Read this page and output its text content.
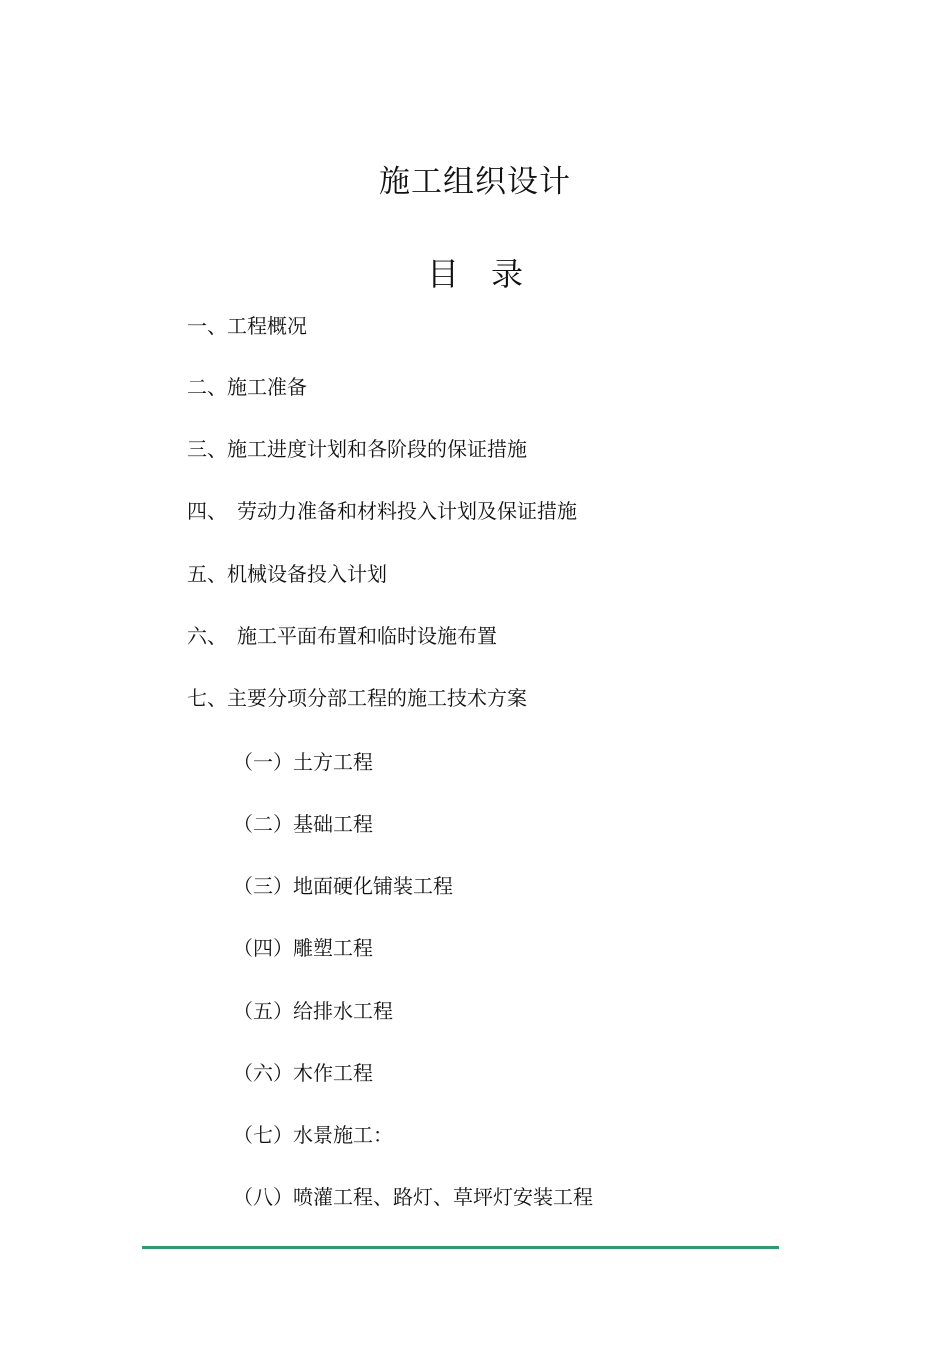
施工组织设计
目　录
一、工程概况
二、施工准备
三、施工进度计划和各阶段的保证措施
四、　劳动力准备和材料投入计划及保证措施
五、机械设备投入计划
六、　施工平面布置和临时设施布置
七、主要分项分部工程的施工技术方案
（一）土方工程
（二）基础工程
（三）地面硬化铺装工程
（四）雕塑工程
（五）给排水工程
（六）木作工程
（七）水景施工：
（八）喷灌工程、路灯、草坪灯安装工程
